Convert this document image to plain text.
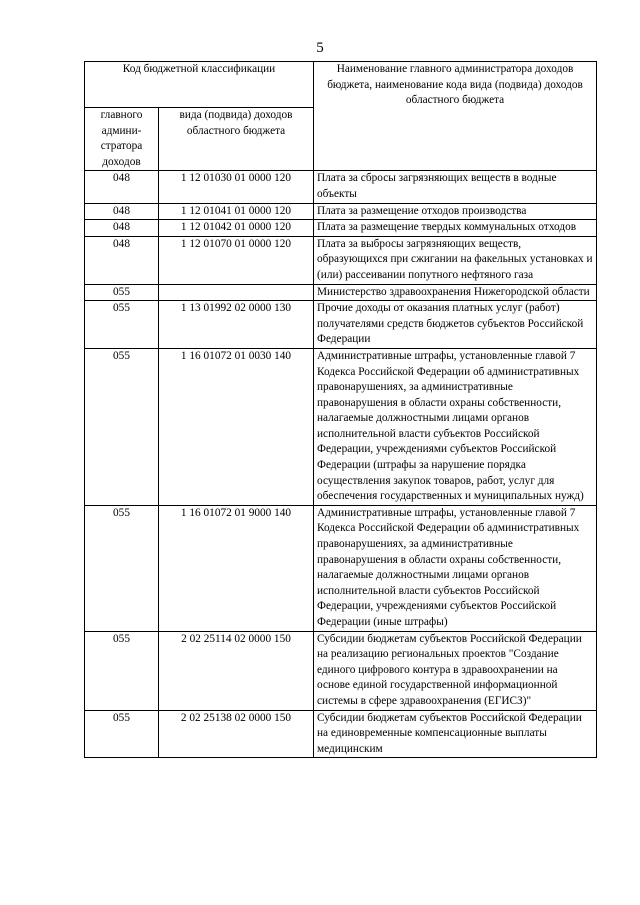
5
Код бюджетной классификации		Наименование главного администратора доходов бюджета, наименование кода вида (подвида) доходов областного бюджета
главного админи-стратора доходов	вида (подвида) доходов областного бюджета	
048	1 12 01030 01 0000 120	Плата за сбросы загрязняющих веществ в водные объекты
048	1 12 01041 01 0000 120	Плата за размещение отходов производства
048	1 12 01042 01 0000 120	Плата за размещение твердых коммунальных отходов
048	1 12 01070 01 0000 120	Плата за выбросы загрязняющих веществ, образующихся при сжигании на факельных установках и (или) рассеивании попутного нефтяного газа
055		Министерство здравоохранения Нижегородской области
055	1 13 01992 02 0000 130	Прочие доходы от оказания платных услуг (работ) получателями средств бюджетов субъектов Российской Федерации
055	1 16 01072 01 0030 140	Административные штрафы, установленные главой 7 Кодекса Российской Федерации об административных правонарушениях, за административные правонарушения в области охраны собственности, налагаемые должностными лицами органов исполнительной власти субъектов Российской Федерации, учреждениями субъектов Российской Федерации (штрафы за нарушение порядка осуществления закупок товаров, работ, услуг для обеспечения государственных и муниципальных нужд)
055	1 16 01072 01 9000 140	Административные штрафы, установленные главой 7 Кодекса Российской Федерации об административных правонарушениях, за административные правонарушения в области охраны собственности, налагаемые должностными лицами органов исполнительной власти субъектов Российской Федерации, учреждениями субъектов Российской Федерации (иные штрафы)
055	2 02 25114 02 0000 150	Субсидии бюджетам субъектов Российской Федерации на реализацию региональных проектов "Создание единого цифрового контура в здравоохранении на основе единой государственной информационной системы в сфере здравоохранения (ЕГИСЗ)"
055	2 02 25138 02 0000 150	Субсидии бюджетам субъектов Российской Федерации на единовременные компенсационные выплаты медицинским
